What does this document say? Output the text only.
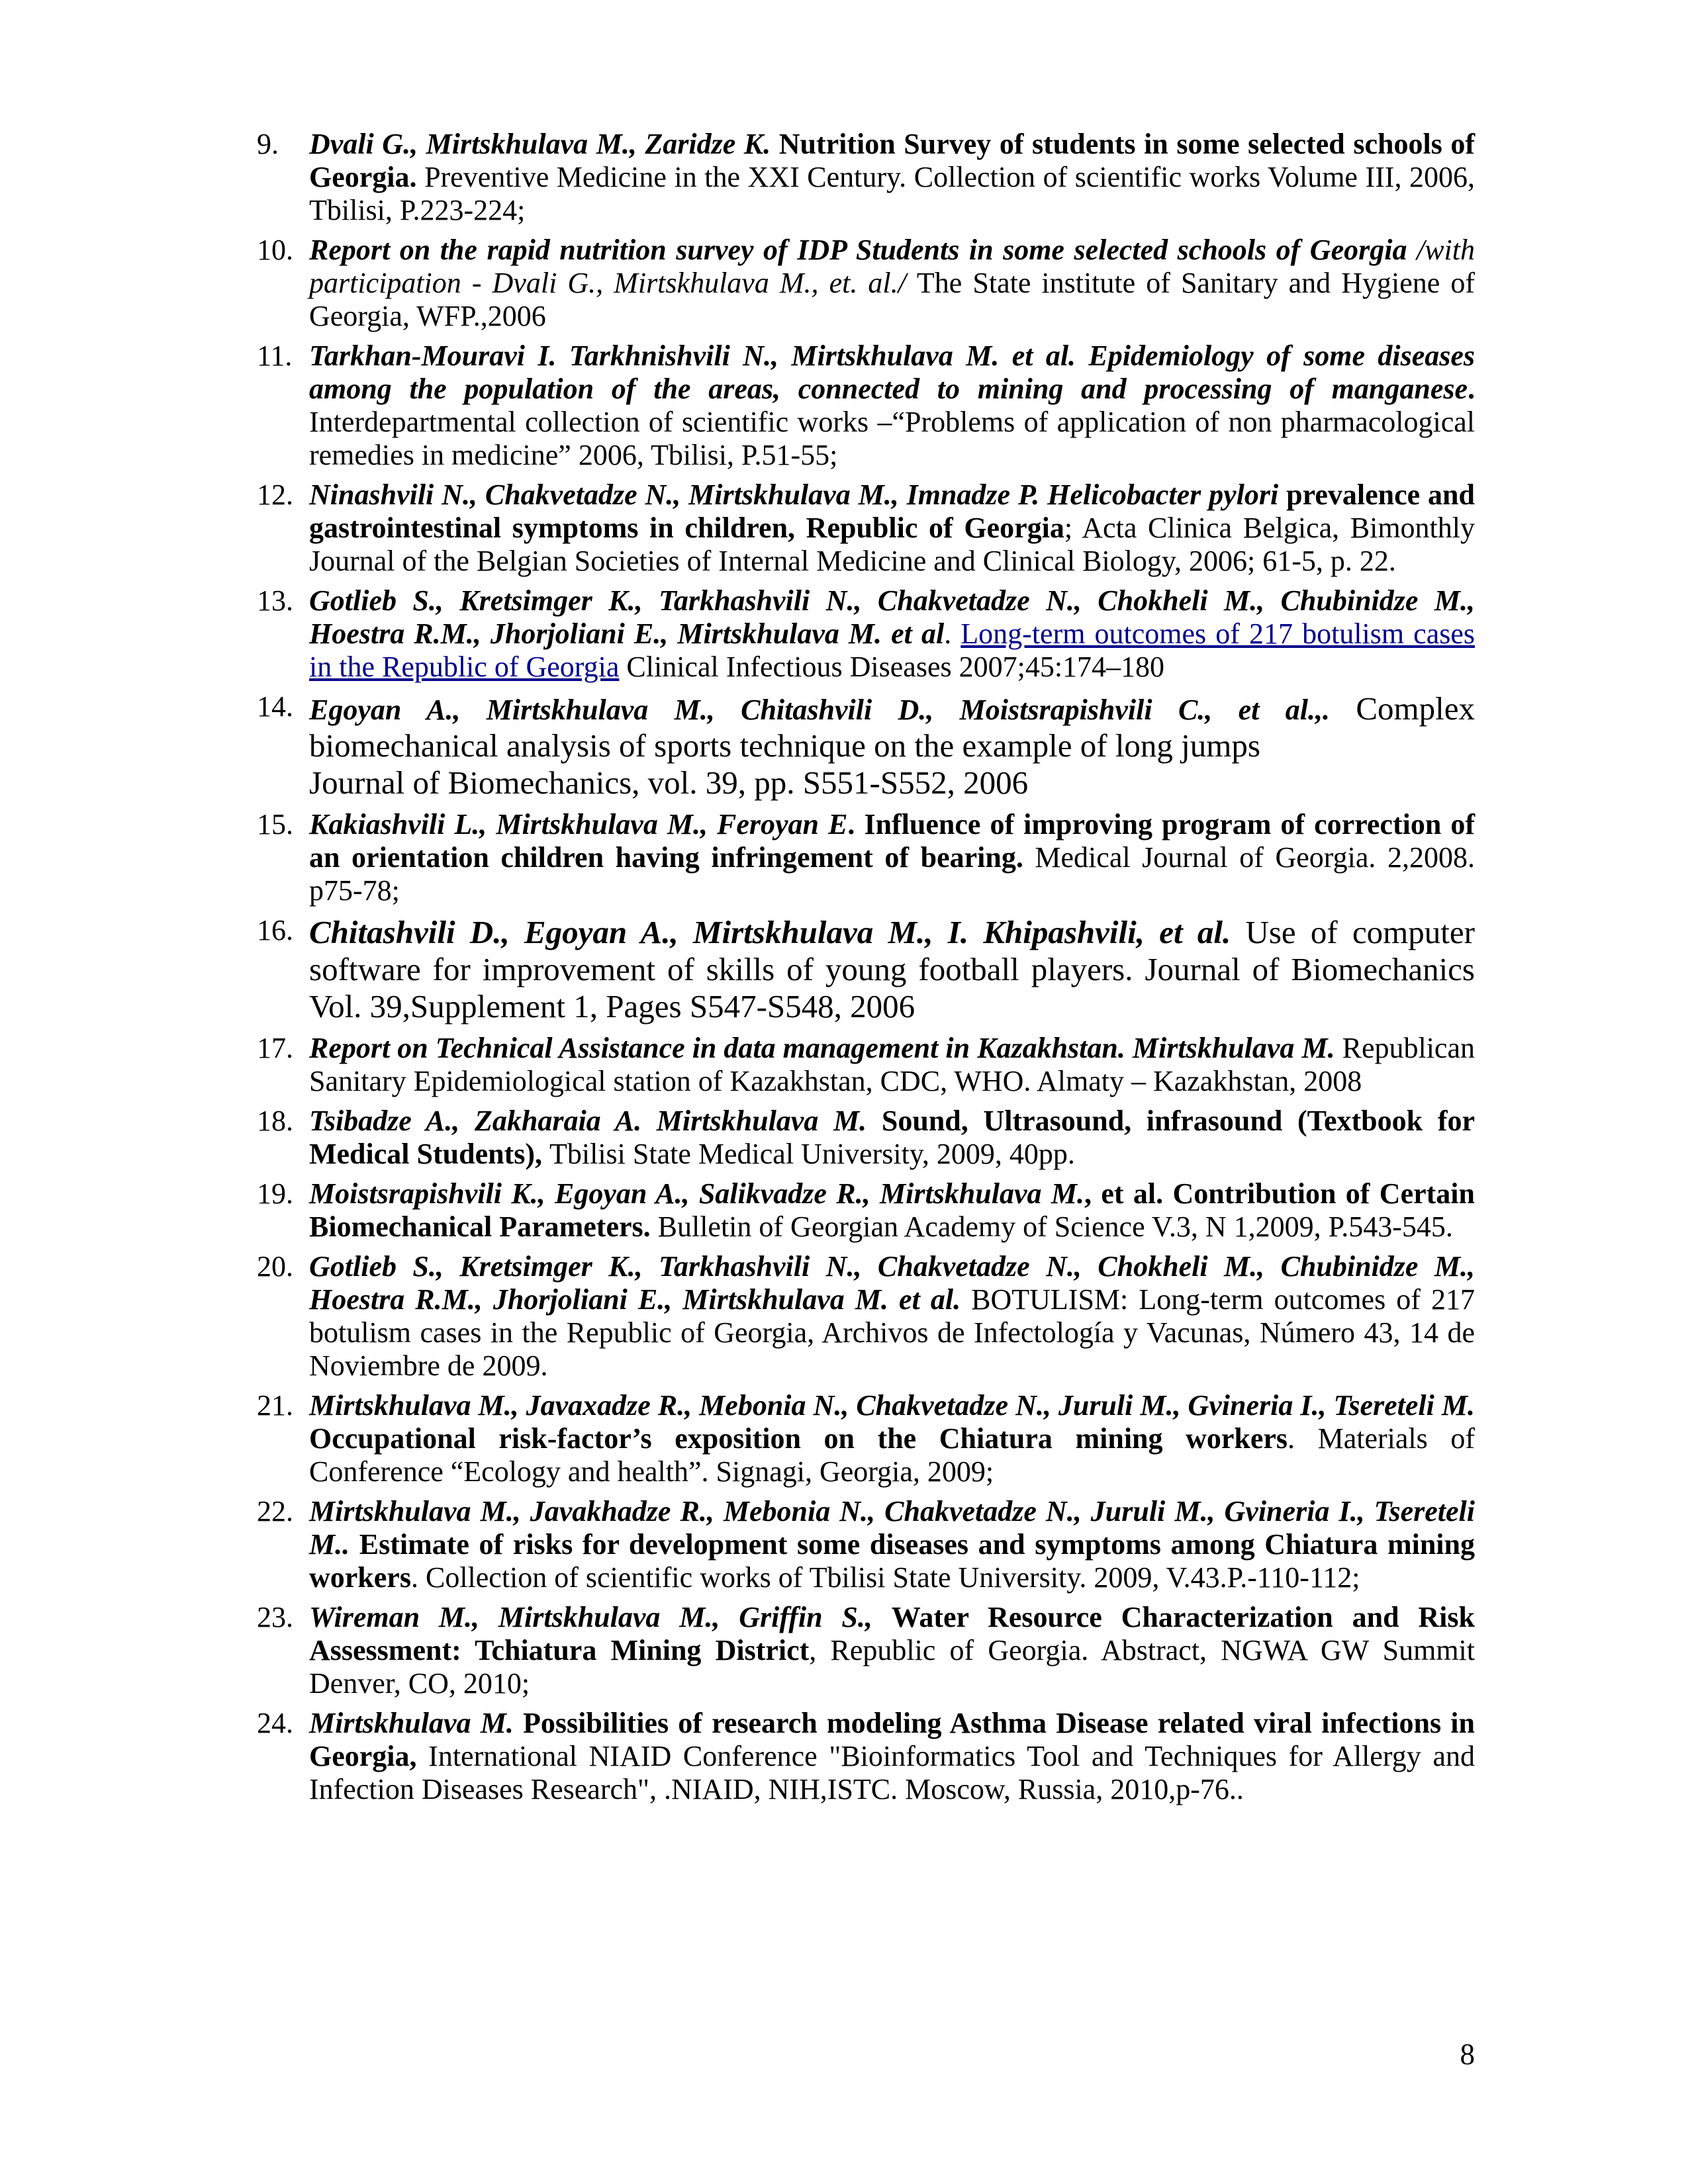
9. Dvali G., Mirtskhulava M., Zaridze K. Nutrition Survey of students in some selected schools of Georgia. Preventive Medicine in the XXI Century. Collection of scientific works Volume III, 2006, Tbilisi, P.223-224;
10. Report on the rapid nutrition survey of IDP Students in some selected schools of Georgia /with participation - Dvali G., Mirtskhulava M., et. al./ The State institute of Sanitary and Hygiene of Georgia, WFP.,2006
11. Tarkhan-Mouravi I. Tarkhnishvili N., Mirtskhulava M. et al. Epidemiology of some diseases among the population of the areas, connected to mining and processing of manganese. Interdepartmental collection of scientific works –“Problems of application of non pharmacological remedies in medicine” 2006, Tbilisi, P.51-55;
12. Ninashvili N., Chakvetadze N., Mirtskhulava M., Imnadze P. Helicobacter pylori prevalence and gastrointestinal symptoms in children, Republic of Georgia; Acta Clinica Belgica, Bimonthly Journal of the Belgian Societies of Internal Medicine and Clinical Biology, 2006; 61-5, p. 22.
13. Gotlieb S., Kretsimger K., Tarkhashvili N., Chakvetadze N., Chokheli M., Chubinidze M., Hoestra R.M., Jhorjoliani E., Mirtskhulava M. et al. Long-term outcomes of 217 botulism cases in the Republic of Georgia Clinical Infectious Diseases 2007;45:174–180
14. Egoyan A., Mirtskhulava M., Chitashvili D., Moistsrapishvili C., et al.,. Complex biomechanical analysis of sports technique on the example of long jumps
Journal of Biomechanics, vol. 39, pp. S551-S552, 2006
15. Kakiashvili L., Mirtskhulava M., Feroyan E. Influence of improving program of correction of an orientation children having infringement of bearing. Medical Journal of Georgia. 2,2008. p75-78;
16. Chitashvili D., Egoyan A., Mirtskhulava M., I. Khipashvili, et al. Use of computer software for improvement of skills of young football players. Journal of Biomechanics Vol. 39,Supplement 1, Pages S547-S548, 2006
17. Report on Technical Assistance in data management in Kazakhstan. Mirtskhulava M. Republican Sanitary Epidemiological station of Kazakhstan, CDC, WHO. Almaty – Kazakhstan, 2008
18. Tsibadze A., Zakharaia A. Mirtskhulava M. Sound, Ultrasound, infrasound (Textbook for Medical Students), Tbilisi State Medical University, 2009, 40pp.
19. Moistsrapishvili K., Egoyan A., Salikvadze R., Mirtskhulava M., et al. Contribution of Certain Biomechanical Parameters. Bulletin of Georgian Academy of Science V.3, N 1,2009, P.543-545.
20. Gotlieb S., Kretsimger K., Tarkhashvili N., Chakvetadze N., Chokheli M., Chubinidze M., Hoestra R.M., Jhorjoliani E., Mirtskhulava M. et al. BOTULISM: Long-term outcomes of 217 botulism cases in the Republic of Georgia, Archivos de Infectología y Vacunas, Número 43, 14 de Noviembre de 2009.
21. Mirtskhulava M., Javaxadze R., Mebonia N., Chakvetadze N., Juruli M., Gvineria I., Tsereteli M. Occupational risk-factor’s exposition on the Chiatura mining workers. Materials of Conference “Ecology and health”. Signagi, Georgia, 2009;
22. Mirtskhulava M., Javakhadze R., Mebonia N., Chakvetadze N., Juruli M., Gvineria I., Tsereteli M.. Estimate of risks for development some diseases and symptoms among Chiatura mining workers. Collection of scientific works of Tbilisi State University. 2009, V.43.P.-110-112;
23. Wireman M., Mirtskhulava M., Griffin S., Water Resource Characterization and Risk Assessment: Tchiatura Mining District, Republic of Georgia. Abstract, NGWA GW Summit Denver, CO, 2010;
24. Mirtskhulava M. Possibilities of research modeling Asthma Disease related viral infections in Georgia, International NIAID Conference "Bioinformatics Tool and Techniques for Allergy and Infection Diseases Research", .NIAID, NIH,ISTC. Moscow, Russia, 2010,p-76..
8
